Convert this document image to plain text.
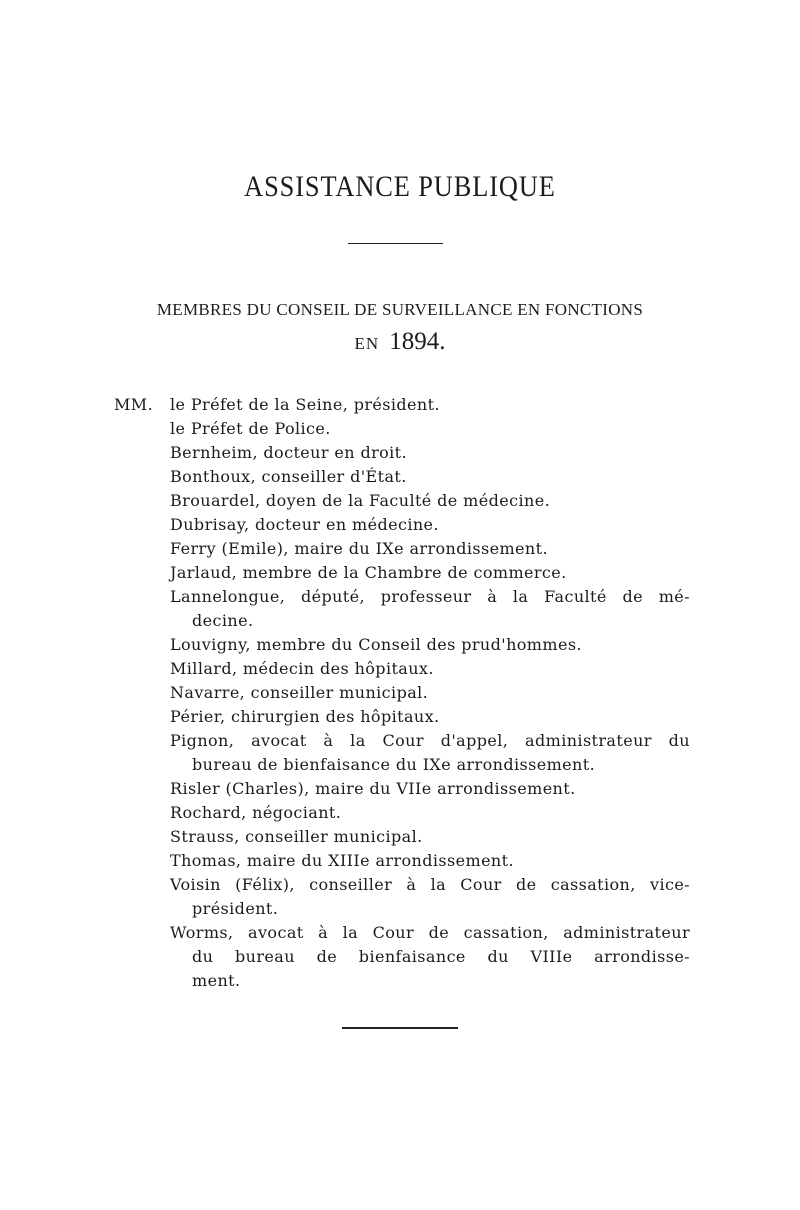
ASSISTANCE PUBLIQUE
MEMBRES DU CONSEIL DE SURVEILLANCE EN FONCTIONS
EN 1894.
MM. le Préfet de la Seine, président.
le Préfet de Police.
Bernheim, docteur en droit.
Bonthoux, conseiller d'État.
Brouardel, doyen de la Faculté de médecine.
Dubrisay, docteur en médecine.
Ferry (Emile), maire du IXe arrondissement.
Jarlaud, membre de la Chambre de commerce.
Lannelongue, député, professeur à la Faculté de mé-
decine.
Louvigny, membre du Conseil des prud'hommes.
Millard, médecin des hôpitaux.
Navarre, conseiller municipal.
Périer, chirurgien des hôpitaux.
Pignon, avocat à la Cour d'appel, administrateur du
bureau de bienfaisance du IXe arrondissement.
Risler (Charles), maire du VIIe arrondissement.
Rochard, négociant.
Strauss, conseiller municipal.
Thomas, maire du XIIIe arrondissement.
Voisin (Félix), conseiller à la Cour de cassation, vice-
président.
Worms, avocat à la Cour de cassation, administrateur
du bureau de bienfaisance du VIIIe arrondisse-
ment.
